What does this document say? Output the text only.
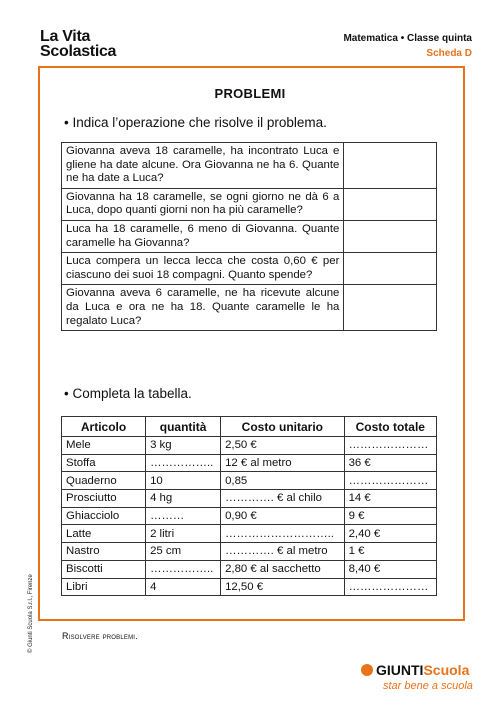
La Vita
Scolastica
Matematica • Classe quinta
Scheda D
PROBLEMI
• Indica l’operazione che risolve il problema.
Giovanna aveva 18 caramelle, ha incontrato Luca e gliene ha date alcune. Ora Giovanna ne ha 6. Quante ne ha date a Luca?	
Giovanna ha 18 caramelle, se ogni giorno ne dà 6 a Luca, dopo quanti giorni non ha più caramelle?	
Luca ha 18 caramelle, 6 meno di Giovanna. Quante caramelle ha Giovanna?	
Luca compera un lecca lecca che costa 0,60 € per ciascuno dei suoi 18 compagni. Quanto spende?	
Giovanna aveva 6 caramelle, ne ha ricevute alcune da Luca e ora ne ha 18. Quante caramelle le ha regalato Luca?	
• Completa la tabella.
Articolo	quantità	Costo unitario	Costo totale
Mele	3 kg	2,50 €	…………………
Stoffa	……………..	12 € al metro	36 €
Quaderno	10	0,85	…………………
Prosciutto	4 hg	…………. € al chilo	14 €
Ghiacciolo	………	0,90 €	9 €
Latte	2 litri	………………………..	2,40 €
Nastro	25 cm	…………. € al metro	1 €
Biscotti	……………..	2,80 € al sacchetto	8,40 €
Libri	4	12,50 €	…………………
Risolvere problemi.
© Giunti Scuola S.r.l., Firenze
GIUNTIScuola
star bene a scuola
